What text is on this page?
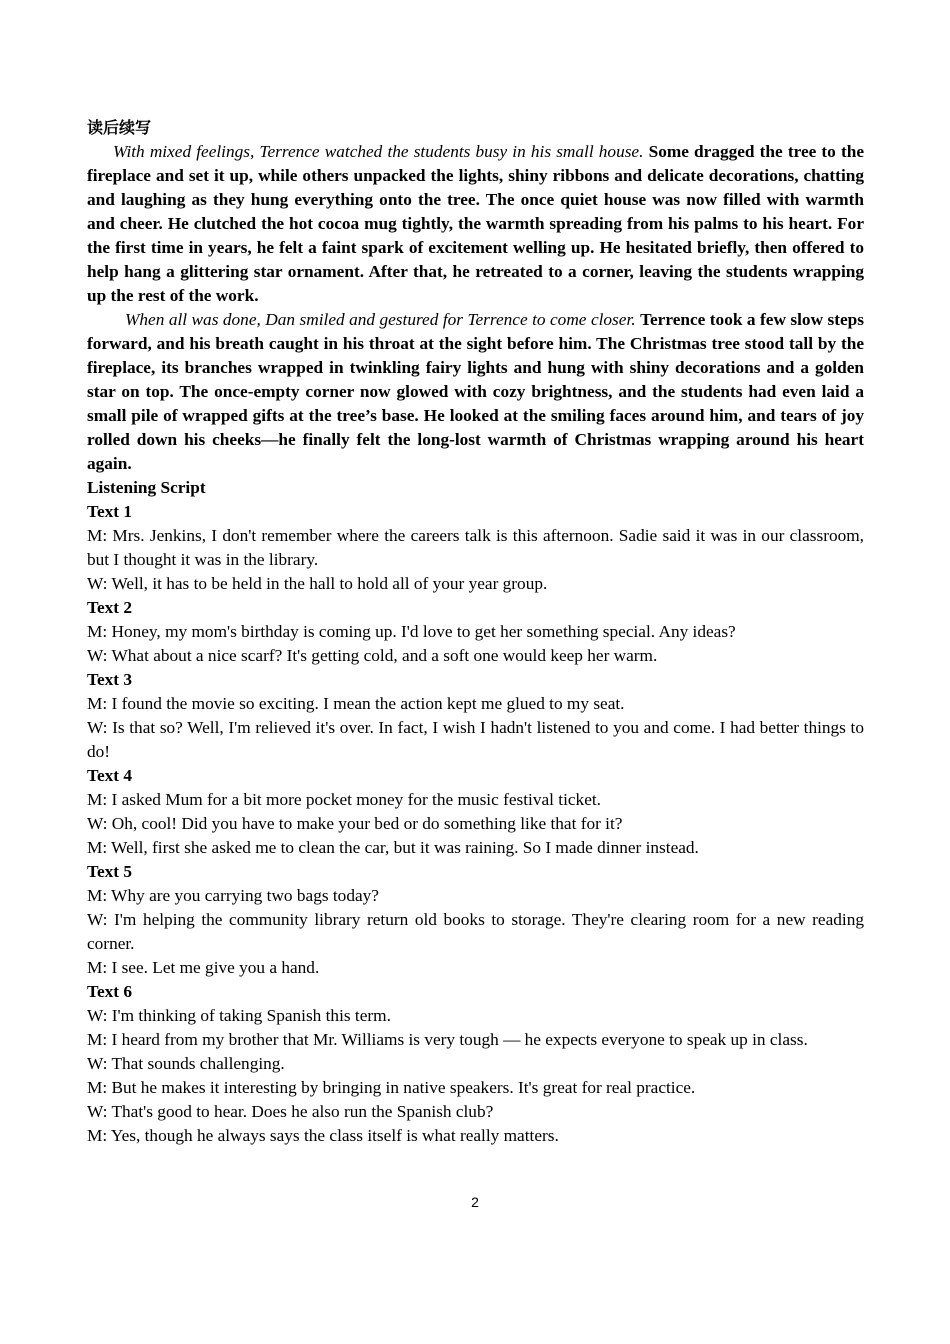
读后续写

With mixed feelings, Terrence watched the students busy in his small house. Some dragged the tree to the fireplace and set it up, while others unpacked the lights, shiny ribbons and delicate decorations, chatting and laughing as they hung everything onto the tree. The once quiet house was now filled with warmth and cheer. He clutched the hot cocoa mug tightly, the warmth spreading from his palms to his heart. For the first time in years, he felt a faint spark of excitement welling up. He hesitated briefly, then offered to help hang a glittering star ornament. After that, he retreated to a corner, leaving the students wrapping up the rest of the work.

When all was done, Dan smiled and gestured for Terrence to come closer. Terrence took a few slow steps forward, and his breath caught in his throat at the sight before him. The Christmas tree stood tall by the fireplace, its branches wrapped in twinkling fairy lights and hung with shiny decorations and a golden star on top. The once-empty corner now glowed with cozy brightness, and the students had even laid a small pile of wrapped gifts at the tree’s base. He looked at the smiling faces around him, and tears of joy rolled down his cheeks—he finally felt the long-lost warmth of Christmas wrapping around his heart again.

Listening Script

Text 1

M: Mrs. Jenkins, I don't remember where the careers talk is this afternoon. Sadie said it was in our classroom, but I thought it was in the library.

W: Well, it has to be held in the hall to hold all of your year group.

Text 2

M: Honey, my mom's birthday is coming up. I'd love to get her something special. Any ideas?

W: What about a nice scarf? It's getting cold, and a soft one would keep her warm.

Text 3

M: I found the movie so exciting. I mean the action kept me glued to my seat.

W: Is that so? Well, I'm relieved it's over. In fact, I wish I hadn't listened to you and come. I had better things to do!

Text 4

M: I asked Mum for a bit more pocket money for the music festival ticket.

W: Oh, cool! Did you have to make your bed or do something like that for it?

M: Well, first she asked me to clean the car, but it was raining. So I made dinner instead.

Text 5

M: Why are you carrying two bags today?

W: I'm helping the community library return old books to storage. They're clearing room for a new reading corner.

M: I see. Let me give you a hand.

Text 6

W: I'm thinking of taking Spanish this term.

M: I heard from my brother that Mr. Williams is very tough — he expects everyone to speak up in class.

W: That sounds challenging.

M: But he makes it interesting by bringing in native speakers. It's great for real practice.

W: That's good to hear. Does he also run the Spanish club?

M: Yes, though he always says the class itself is what really matters.

2
